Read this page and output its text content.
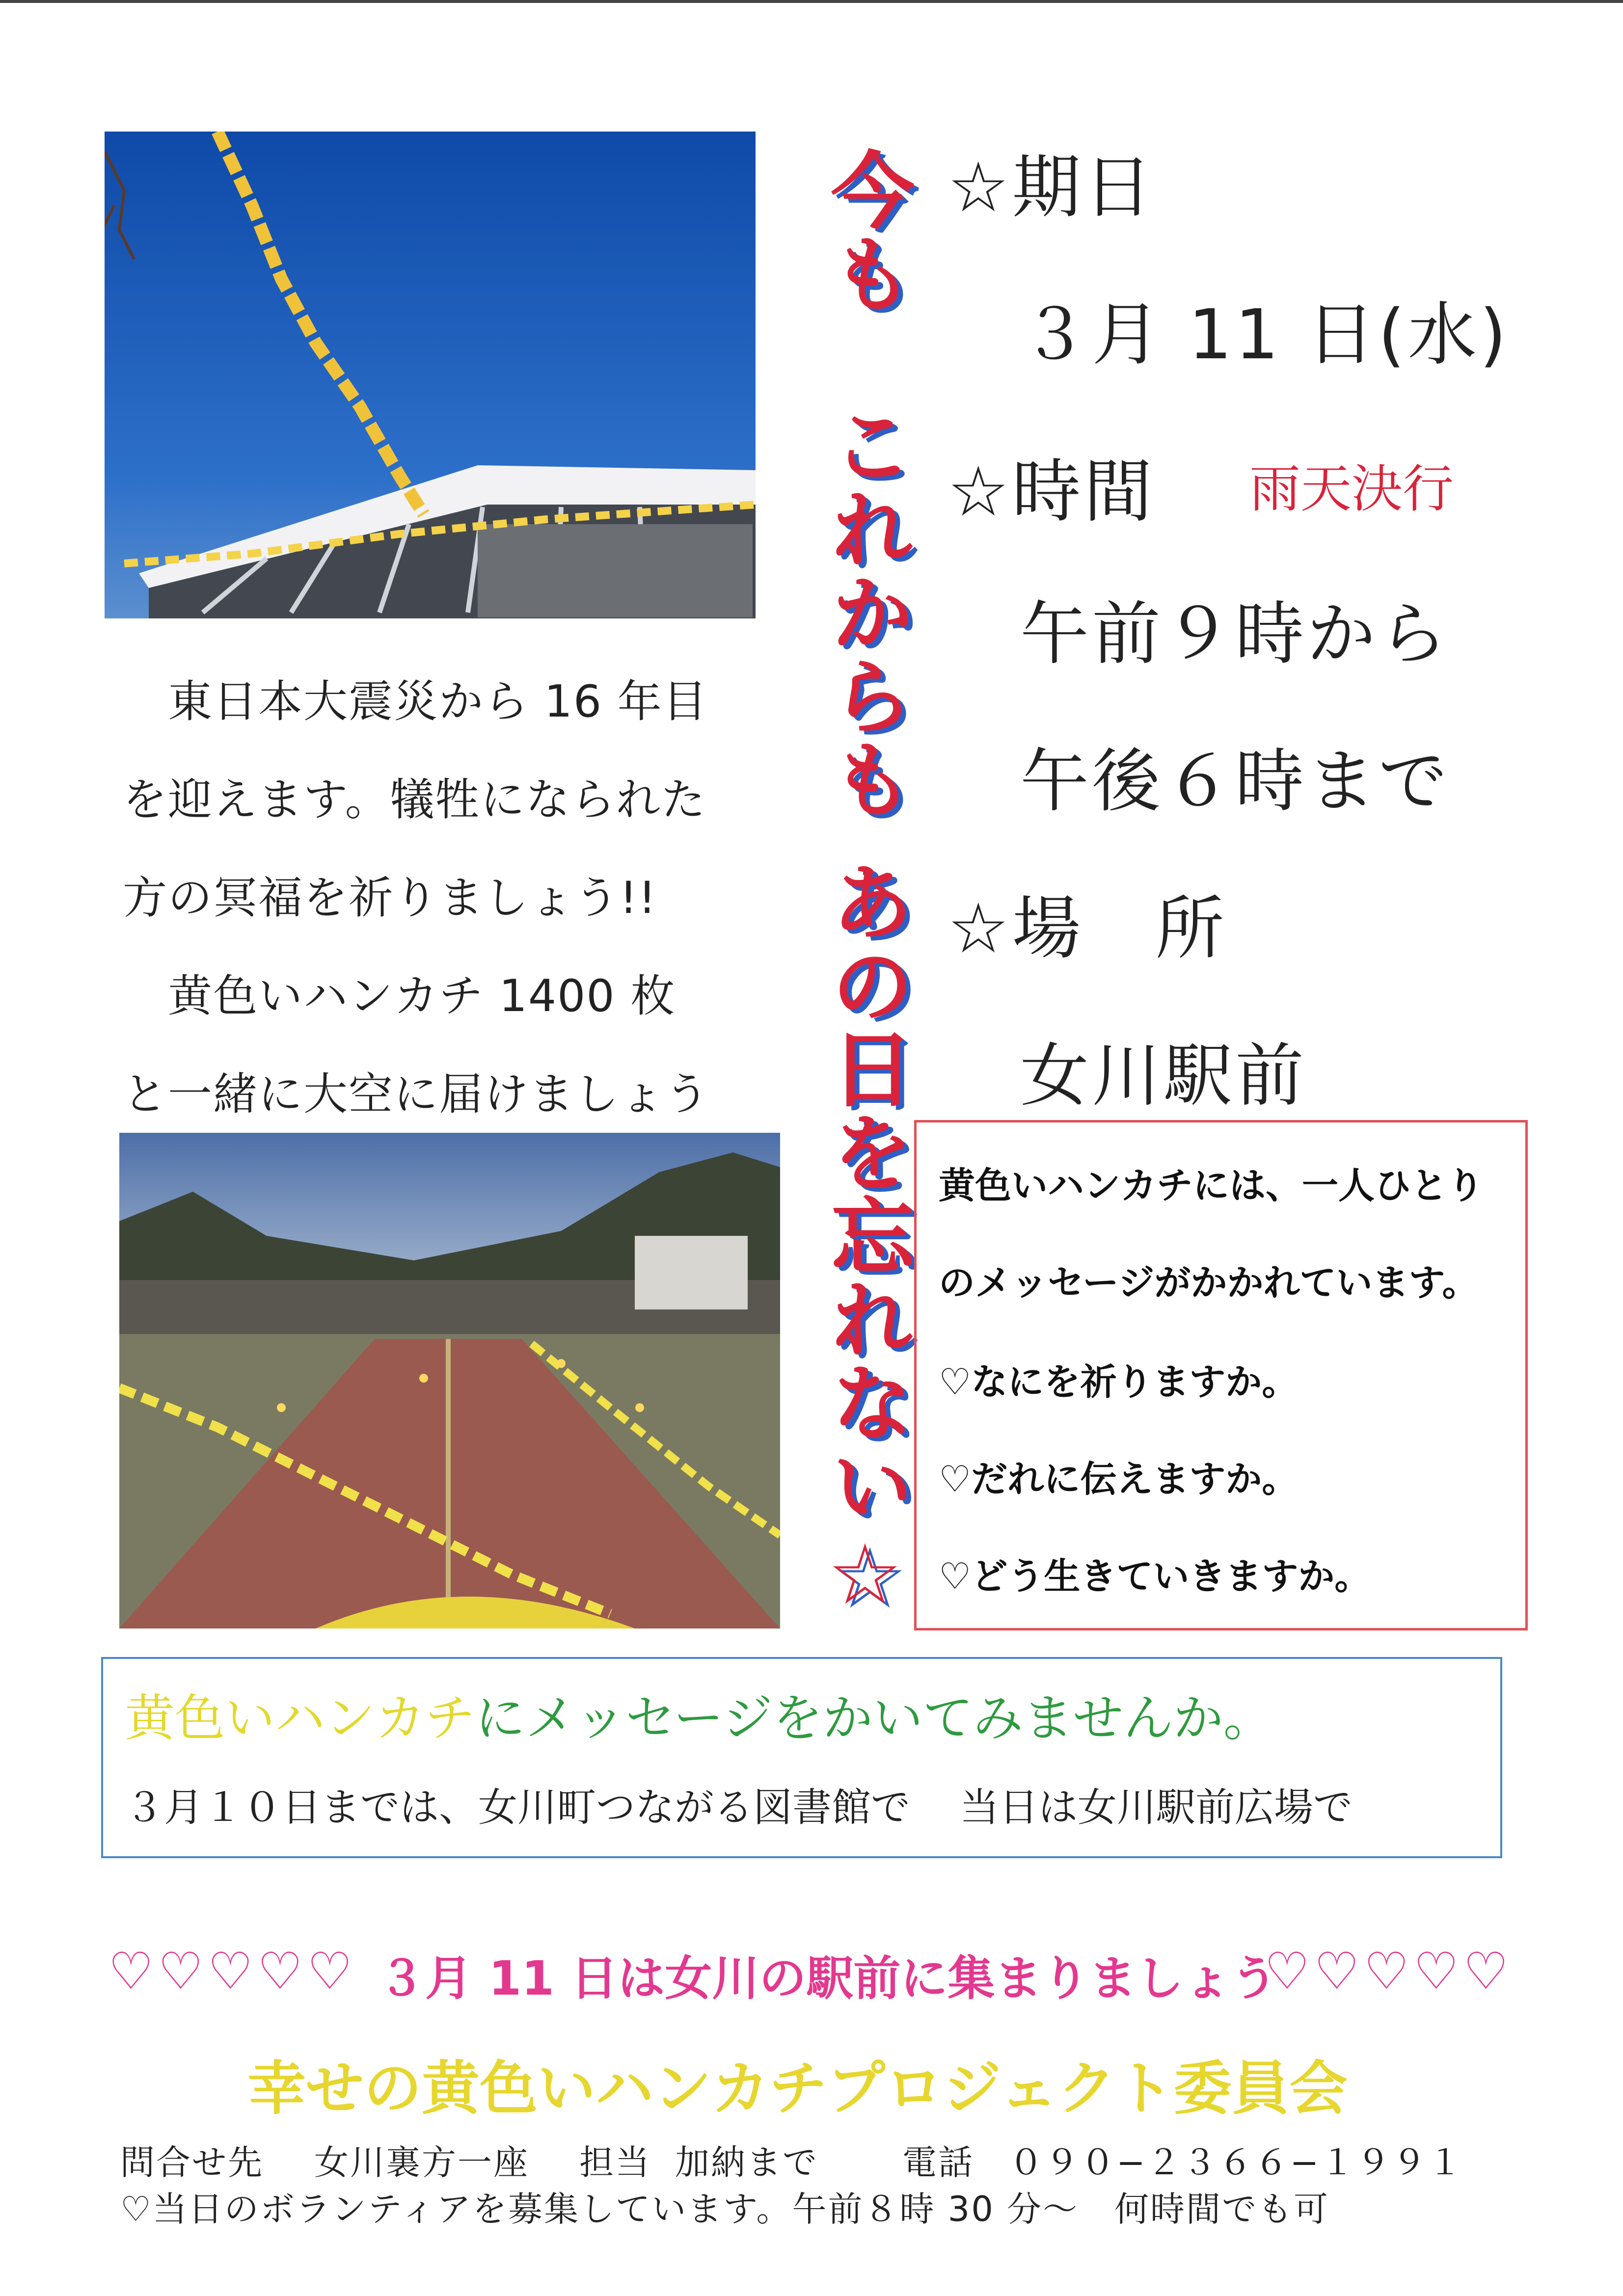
　東日本大震災から 16 年目

を迎えます。犠牲になられた

方の冥福を祈りましょう!!

　黄色いハンカチ 1400 枚

と一緒に大空に届けましょう

今も
これからも
あの日を忘れない☆
☆期日
３月 11 日(水)
☆時間 雨天決行
午前９時から
午後６時まで
☆場　所
女川駅前
黄色いハンカチには、一人ひとり
のメッセージがかかれています。
♡なにを祈りますか。
♡だれに伝えますか。
♡どう生きていきますか。
黄色いハンカチにメッセージをかいてみませんか。
３月１０日までは、女川町つながる図書館で 当日は女川駅前広場で
♡♡♡♡♡ ３月 11 日は女川の駅前に集まりましょう
♡♡♡♡♡
幸せの黄色いハンカチプロジェクト委員会
問合せ先 女川裏方一座 担当 加納まで 電話 ０９０−２３６６−１９９１
♡当日のボランティアを募集しています。午前８時 30 分～　何時間でも可
